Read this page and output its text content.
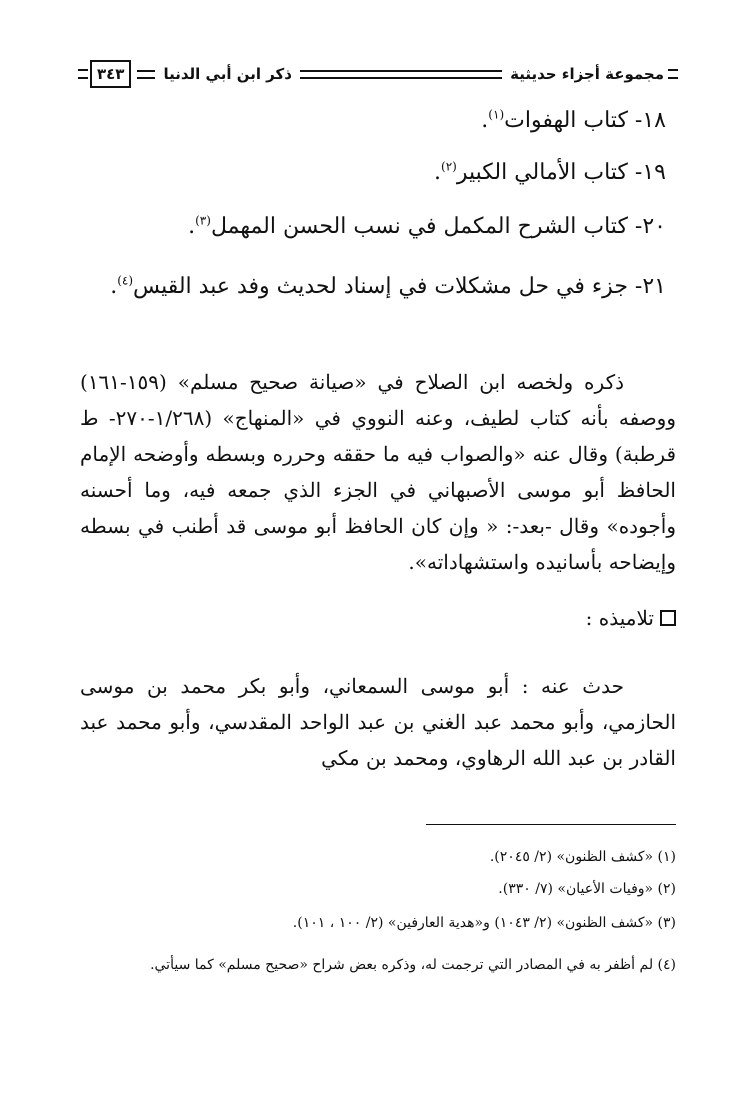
مجموعة أجزاء حديثية
ذكر ابن أبي الدنيا
٣٤٣
١٨- كتاب الهفوات$^{(١)}$.
١٩- كتاب الأمالي الكبير$^{(٢)}$.
٢٠- كتاب الشرح المكمل في نسب الحسن المهمل$^{(٣)}$.
٢١- جزء في حل مشكلات في إسناد لحديث وفد عبد القيس$^{(٤)}$.
ذكره ولخصه ابن الصلاح في «صيانة صحيح مسلم» (١٥٩-١٦١) ووصفه بأنه كتاب لطيف، وعنه النووي في «المنهاج» (١/٢٦٨-٢٧٠- ط قرطبة) وقال عنه «والصواب فيه ما حققه وحرره وبسطه وأوضحه الإمام الحافظ أبو موسى الأصبهاني في الجزء الذي جمعه فيه، وما أحسنه وأجوده» وقال -بعد-: « وإن كان الحافظ أبو موسى قد أطنب في بسطه وإيضاحه بأسانيده واستشهاداته».
تلاميذه :
حدث عنه : أبو موسى السمعاني، وأبو بكر محمد بن موسى الحازمي، وأبو محمد عبد الغني بن عبد الواحد المقدسي، وأبو محمد عبد القادر بن عبد الله الرهاوي، ومحمد بن مكي
(١) «كشف الظنون» (٢/ ٢٠٤٥).
(٢) «وفيات الأعيان» (٧/ ٣٣٠).
(٣) «كشف الظنون» (٢/ ١٠٤٣) و«هدية العارفين» (٢/ ١٠٠ ، ١٠١).
(٤) لم أظفر به في المصادر التي ترجمت له، وذكره بعض شراح «صحيح مسلم» كما سيأتي.
